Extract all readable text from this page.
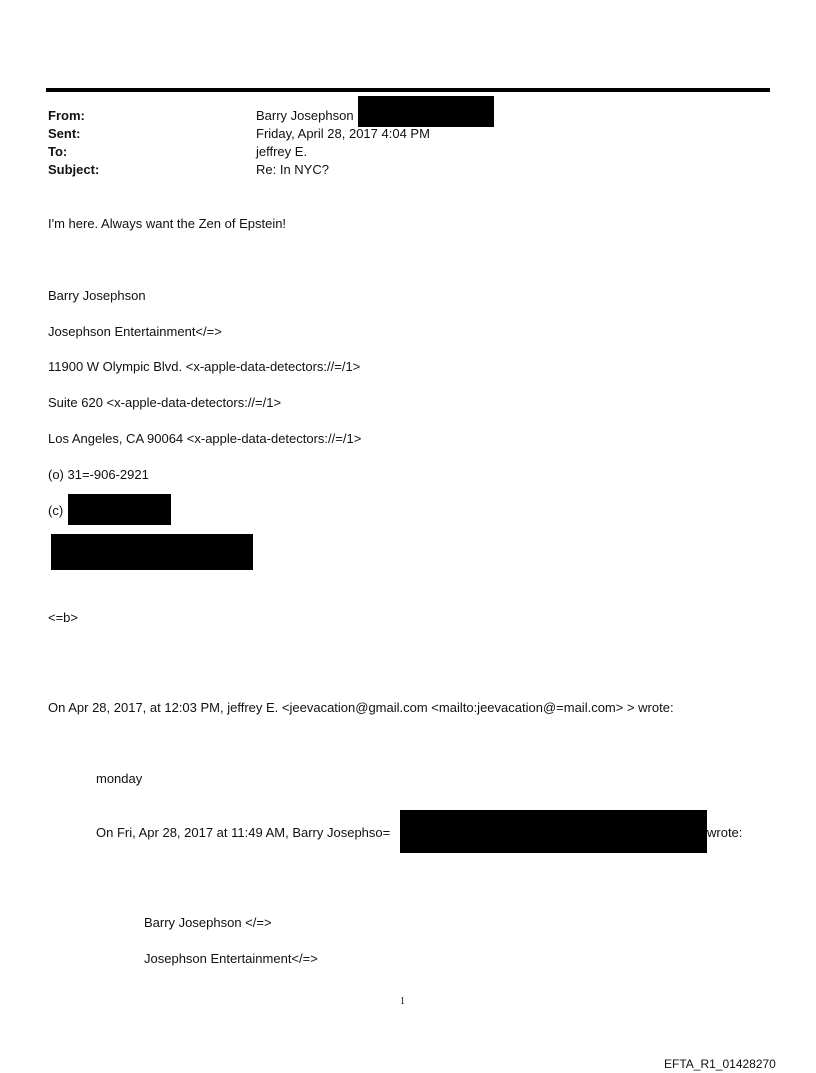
From:	Barry Josephson
Sent:	Friday, April 28, 2017 4:04 PM
To:	jeffrey E.
Subject:	Re: In NYC?
I'm here. Always want the Zen of Epstein!
Barry Josephson
Josephson Entertainment</=>
11900 W Olympic Blvd. <x-apple-data-detectors://=/1>
Suite 620 <x-apple-data-detectors://=/1>
Los Angeles, CA 90064 <x-apple-data-detectors://=/1>
(o) 31=-906-2921
(c)
<=b>
On Apr 28, 2017, at 12:03 PM, jeffrey E. <jeevacation@gmail.com <mailto:jeevacation@=mail.com> > wrote:
monday
On Fri, Apr 28, 2017 at 11:49 AM, Barry Josephso=	wrote:
Barry Josephson </=>
Josephson Entertainment</=>
1
EFTA_R1_01428270
